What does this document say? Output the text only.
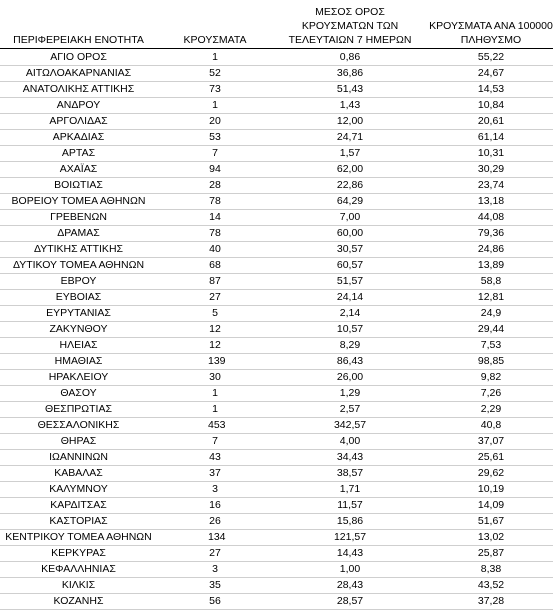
ΠΕΡΙΦΕΡΕΙΑΚΗ ΕΝΟΤΗΤΑ	ΚΡΟΥΣΜΑΤΑ
ΜΕΣΟΣ ΟΡΟΣ
ΚΡΟΥΣΜΑΤΩΝ ΤΩΝ
ΤΕΛΕΥΤΑΙΩΝ 7 ΗΜΕΡΩΝ
ΚΡΟΥΣΜΑΤΑ ΑΝΑ 100000
ΠΛΗΘΥΣΜΟ
ΑΓΙΟ ΟΡΟΣ	1	0,86	55,22
ΑΙΤΩΛΟΑΚΑΡΝΑΝΙΑΣ	52	36,86	24,67
ΑΝΑΤΟΛΙΚΗΣ ΑΤΤΙΚΗΣ	73	51,43	14,53
ΑΝΔΡΟΥ	1	1,43	10,84
ΑΡΓΟΛΙΔΑΣ	20	12,00	20,61
ΑΡΚΑΔΙΑΣ	53	24,71	61,14
ΑΡΤΑΣ	7	1,57	10,31
ΑΧΑΪΑΣ	94	62,00	30,29
ΒΟΙΩΤΙΑΣ	28	22,86	23,74
ΒΟΡΕΙΟΥ ΤΟΜΕΑ ΑΘΗΝΩΝ	78	64,29	13,18
ΓΡΕΒΕΝΩΝ	14	7,00	44,08
ΔΡΑΜΑΣ	78	60,00	79,36
ΔΥΤΙΚΗΣ ΑΤΤΙΚΗΣ	40	30,57	24,86
ΔΥΤΙΚΟΥ ΤΟΜΕΑ ΑΘΗΝΩΝ	68	60,57	13,89
ΕΒΡΟΥ	87	51,57	58,8
ΕΥΒΟΙΑΣ	27	24,14	12,81
ΕΥΡΥΤΑΝΙΑΣ	5	2,14	24,9
ΖΑΚΥΝΘΟΥ	12	10,57	29,44
ΗΛΕΙΑΣ	12	8,29	7,53
ΗΜΑΘΙΑΣ	139	86,43	98,85
ΗΡΑΚΛΕΙΟΥ	30	26,00	9,82
ΘΑΣΟΥ	1	1,29	7,26
ΘΕΣΠΡΩΤΙΑΣ	1	2,57	2,29
ΘΕΣΣΑΛΟΝΙΚΗΣ	453	342,57	40,8
ΘΗΡΑΣ	7	4,00	37,07
ΙΩΑΝΝΙΝΩΝ	43	34,43	25,61
ΚΑΒΑΛΑΣ	37	38,57	29,62
ΚΑΛΥΜΝΟΥ	3	1,71	10,19
ΚΑΡΔΙΤΣΑΣ	16	11,57	14,09
ΚΑΣΤΟΡΙΑΣ	26	15,86	51,67
ΚΕΝΤΡΙΚΟΥ ΤΟΜΕΑ ΑΘΗΝΩΝ	134	121,57	13,02
ΚΕΡΚΥΡΑΣ	27	14,43	25,87
ΚΕΦΑΛΛΗΝΙΑΣ	3	1,00	8,38
ΚΙΛΚΙΣ	35	28,43	43,52
ΚΟΖΑΝΗΣ	56	28,57	37,28
